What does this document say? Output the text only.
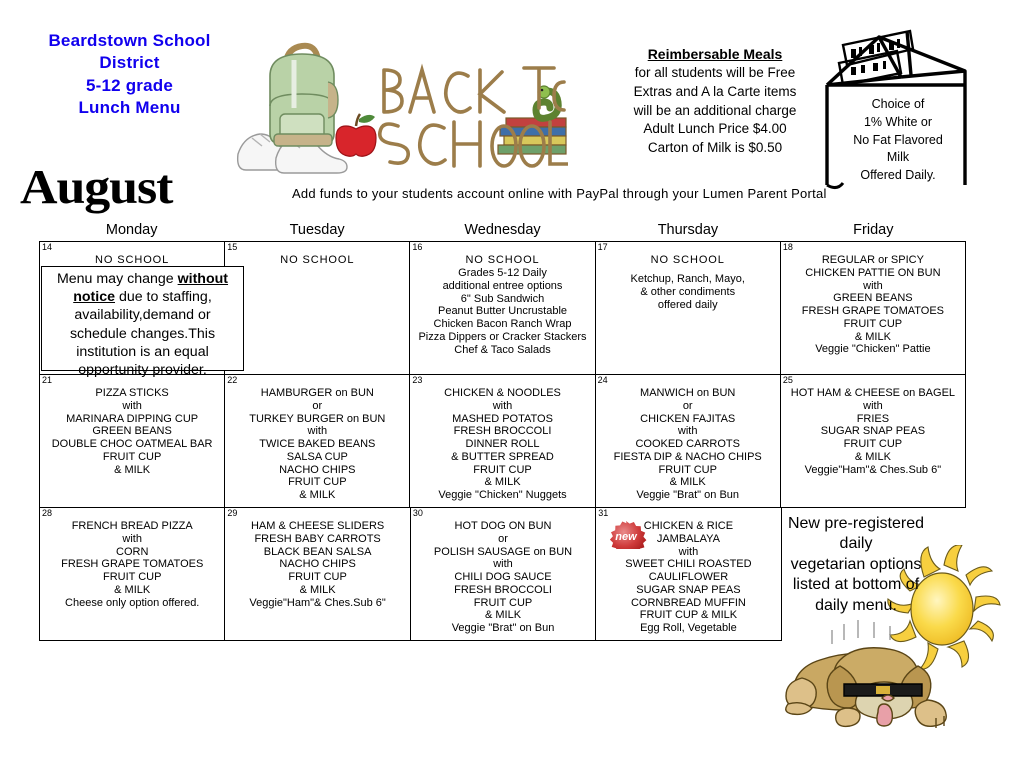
Beardstown School
District
5-12 grade
Lunch Menu
August
Reimbersable Meals
for all students will be Free
Extras and A la Carte items
will be an additional charge
Adult Lunch Price $4.00
Carton of Milk is $0.50
Choice of
1% White or
No Fat Flavored
Milk
Offered Daily.
Add funds to your students account online with PayPal through your Lumen Parent Portal
Monday	Tuesday	Wednesday	Thursday	Friday
14
NO SCHOOL
15
NO SCHOOL
16
NO SCHOOL
Grades 5-12 Daily
additional entree options
6" Sub Sandwich
Peanut Butter Uncrustable
Chicken Bacon Ranch Wrap
Pizza Dippers or Cracker Stackers
Chef & Taco Salads
17
NO SCHOOL
Ketchup, Ranch, Mayo,
& other condiments
offered daily
18
REGULAR or SPICY
CHICKEN PATTIE ON BUN
with
GREEN BEANS
FRESH GRAPE TOMATOES
FRUIT CUP
& MILK
Veggie "Chicken" Pattie
21
PIZZA STICKS
with
MARINARA DIPPING CUP
GREEN BEANS
DOUBLE CHOC OATMEAL BAR
FRUIT CUP
& MILK
22
HAMBURGER on BUN
or
TURKEY BURGER on BUN
with
TWICE BAKED BEANS
SALSA CUP
NACHO CHIPS
FRUIT CUP
& MILK
23
CHICKEN & NOODLES
with
MASHED POTATOS
FRESH BROCCOLI
DINNER ROLL
& BUTTER SPREAD
FRUIT CUP
& MILK
Veggie "Chicken" Nuggets
24
MANWICH on BUN
or
CHICKEN FAJITAS
with
COOKED CARROTS
FIESTA DIP & NACHO CHIPS
FRUIT CUP
& MILK
Veggie "Brat" on Bun
25
HOT HAM & CHEESE on BAGEL
with
FRIES
SUGAR SNAP PEAS
FRUIT CUP
& MILK
Veggie"Ham"& Ches.Sub 6"
28
FRENCH BREAD PIZZA
with
CORN
FRESH GRAPE TOMATOES
FRUIT CUP
& MILK
Cheese only option offered.
29
HAM & CHEESE SLIDERS
FRESH BABY CARROTS
BLACK BEAN SALSA
NACHO CHIPS
FRUIT CUP
& MILK
Veggie"Ham"& Ches.Sub 6"
30
HOT DOG ON BUN
or
POLISH SAUSAGE on BUN
with
CHILI DOG SAUCE
FRESH BROCCOLI
FRUIT CUP
& MILK
Veggie "Brat" on Bun
31
CHICKEN & RICE
JAMBALAYA
with
SWEET CHILI ROASTED
CAULIFLOWER
SUGAR SNAP PEAS
CORNBREAD MUFFIN
FRUIT CUP & MILK
Egg Roll, Vegetable
Menu may change without notice due to staffing, availability,demand or schedule changes.This institution is an equal opportunity provider.
new
New pre-registered
daily
vegetarian options
listed at bottom of
daily menu.
